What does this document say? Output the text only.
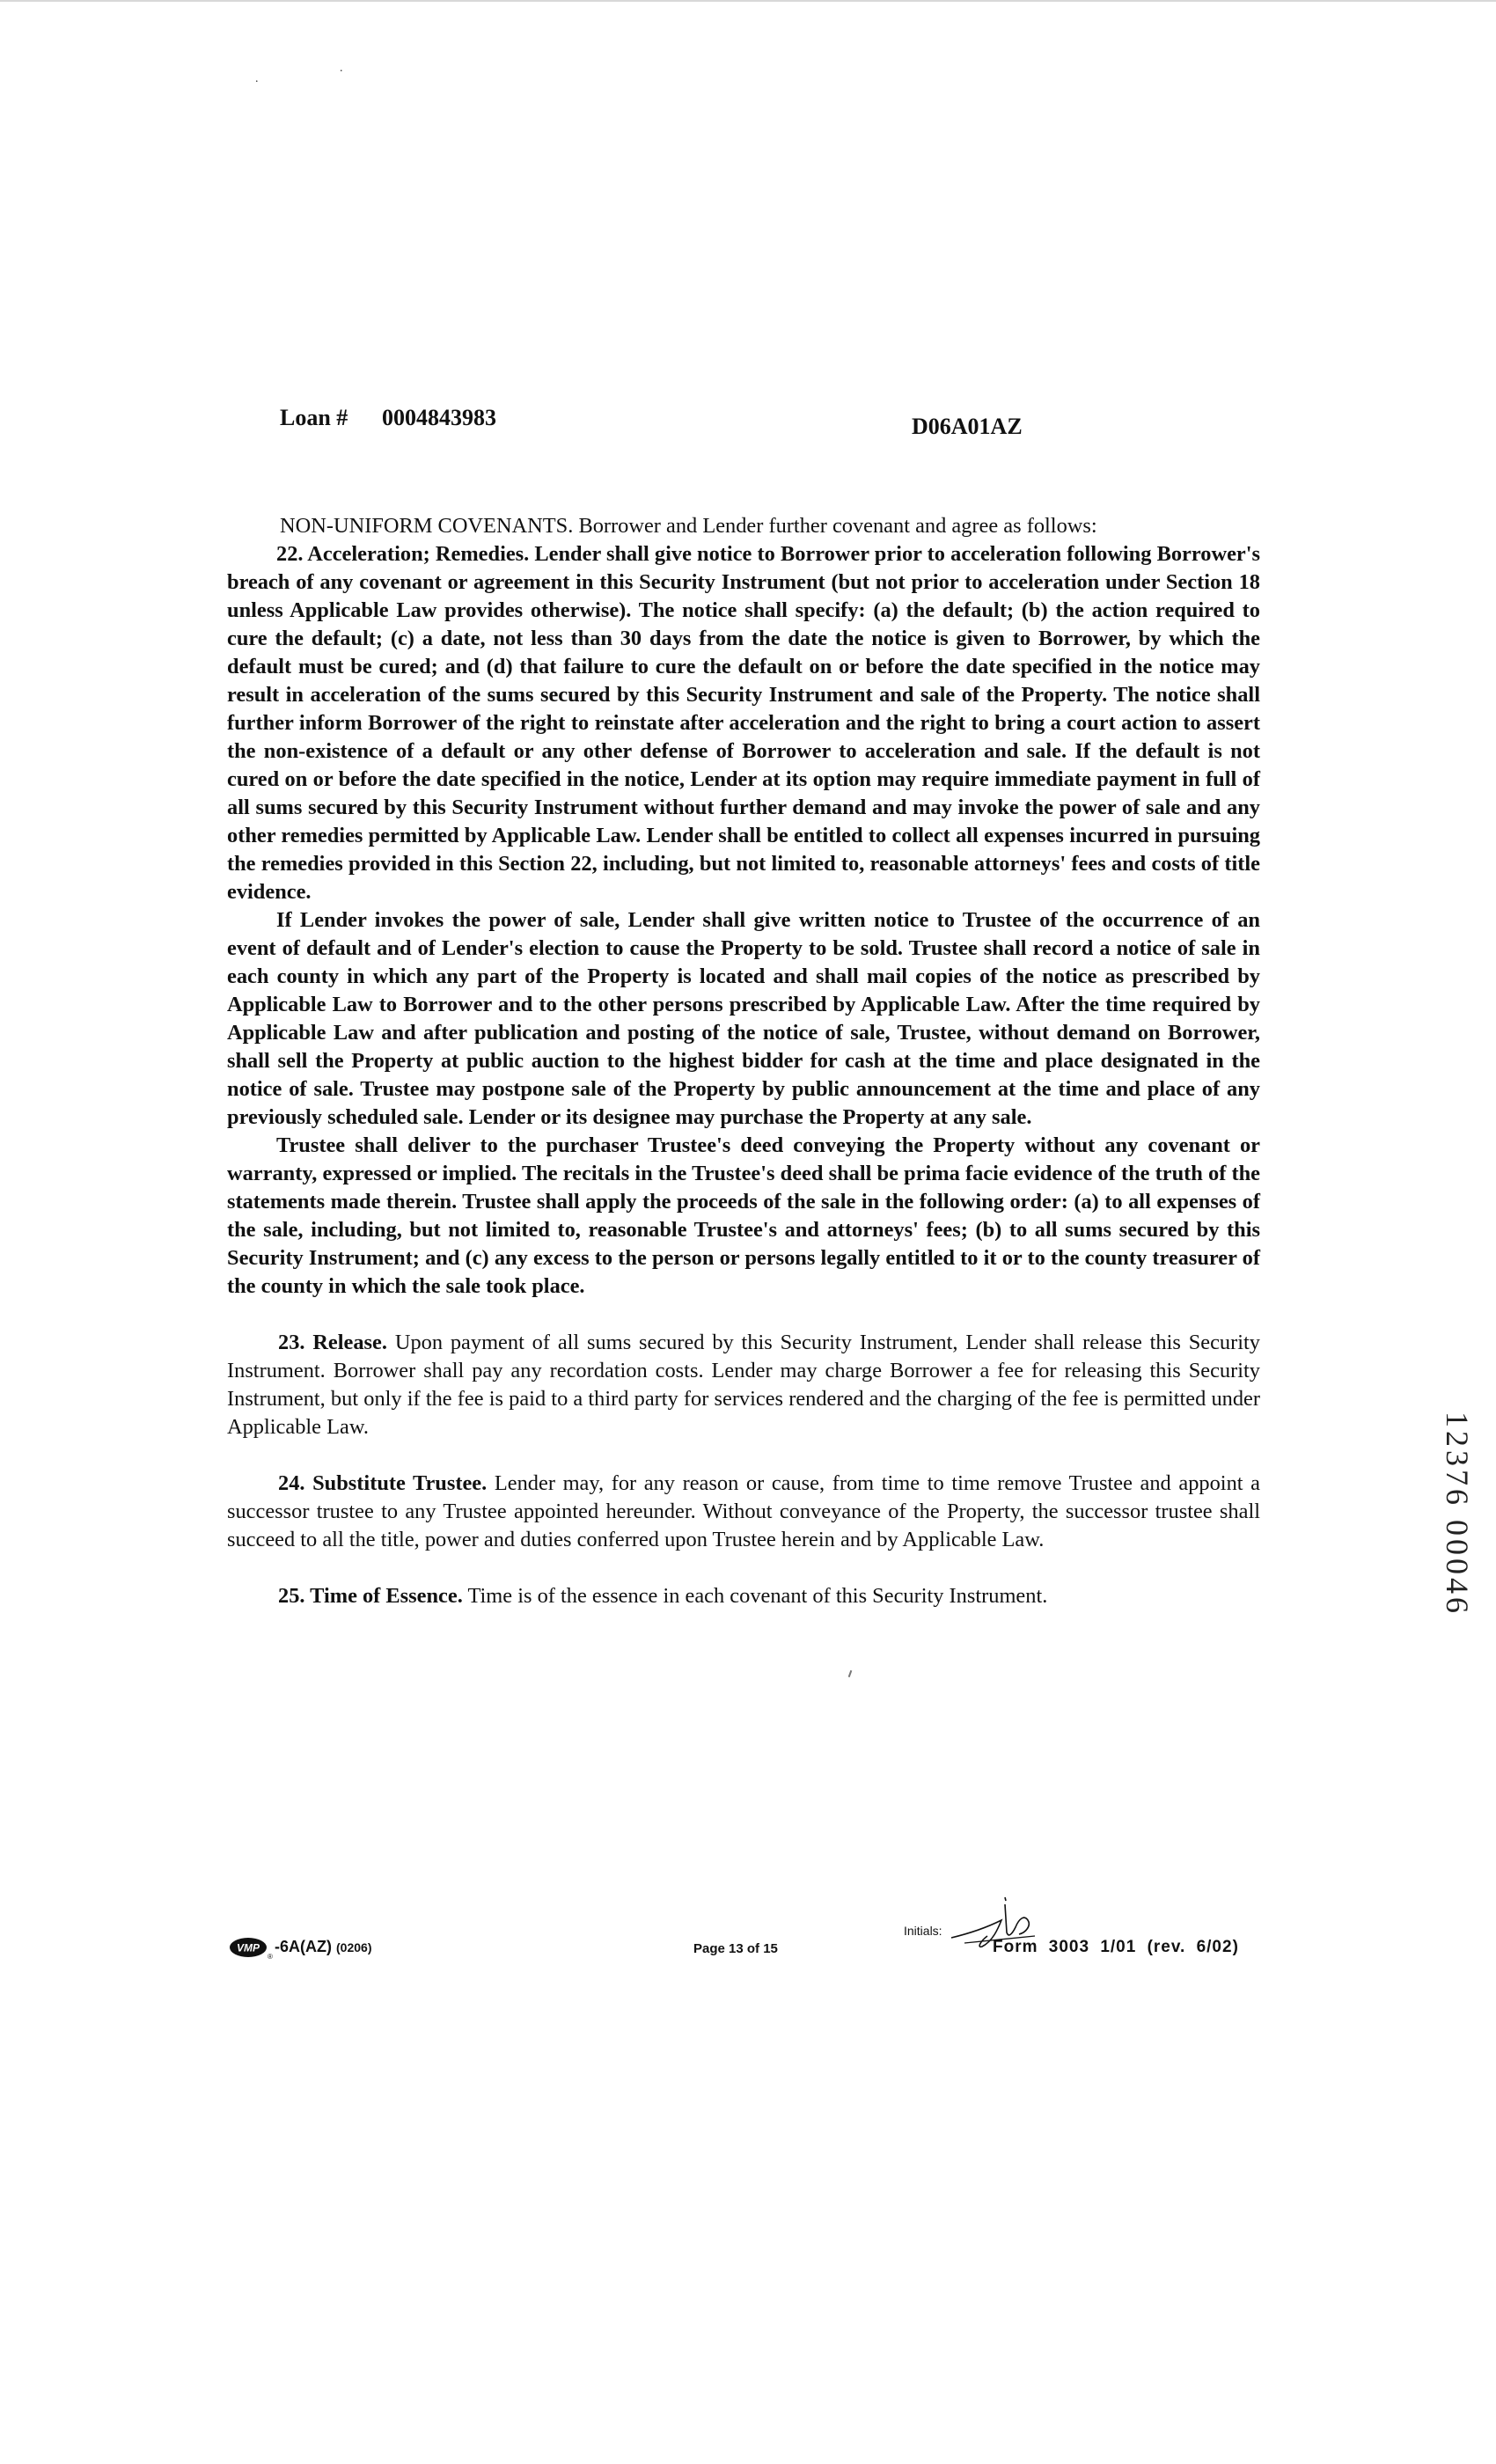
.
.
Loan # 0004843983	D06A01AZ

NON-UNIFORM COVENANTS. Borrower and Lender further covenant and agree as follows:

22. Acceleration; Remedies. Lender shall give notice to Borrower prior to acceleration following Borrower's breach of any covenant or agreement in this Security Instrument (but not prior to acceleration under Section 18 unless Applicable Law provides otherwise). The notice shall specify: (a) the default; (b) the action required to cure the default; (c) a date, not less than 30 days from the date the notice is given to Borrower, by which the default must be cured; and (d) that failure to cure the default on or before the date specified in the notice may result in acceleration of the sums secured by this Security Instrument and sale of the Property. The notice shall further inform Borrower of the right to reinstate after acceleration and the right to bring a court action to assert the non-existence of a default or any other defense of Borrower to acceleration and sale. If the default is not cured on or before the date specified in the notice, Lender at its option may require immediate payment in full of all sums secured by this Security Instrument without further demand and may invoke the power of sale and any other remedies permitted by Applicable Law. Lender shall be entitled to collect all expenses incurred in pursuing the remedies provided in this Section 22, including, but not limited to, reasonable attorneys' fees and costs of title evidence.

If Lender invokes the power of sale, Lender shall give written notice to Trustee of the occurrence of an event of default and of Lender's election to cause the Property to be sold. Trustee shall record a notice of sale in each county in which any part of the Property is located and shall mail copies of the notice as prescribed by Applicable Law to Borrower and to the other persons prescribed by Applicable Law. After the time required by Applicable Law and after publication and posting of the notice of sale, Trustee, without demand on Borrower, shall sell the Property at public auction to the highest bidder for cash at the time and place designated in the notice of sale. Trustee may postpone sale of the Property by public announcement at the time and place of any previously scheduled sale. Lender or its designee may purchase the Property at any sale.

Trustee shall deliver to the purchaser Trustee's deed conveying the Property without any covenant or warranty, expressed or implied. The recitals in the Trustee's deed shall be prima facie evidence of the truth of the statements made therein. Trustee shall apply the proceeds of the sale in the following order: (a) to all expenses of the sale, including, but not limited to, reasonable Trustee's and attorneys' fees; (b) to all sums secured by this Security Instrument; and (c) any excess to the person or persons legally entitled to it or to the county treasurer of the county in which the sale took place.

23. Release. Upon payment of all sums secured by this Security Instrument, Lender shall release this Security Instrument. Borrower shall pay any recordation costs. Lender may charge Borrower a fee for releasing this Security Instrument, but only if the fee is paid to a third party for services rendered and the charging of the fee is permitted under Applicable Law.

24. Substitute Trustee. Lender may, for any reason or cause, from time to time remove Trustee and appoint a successor trustee to any Trustee appointed hereunder. Without conveyance of the Property, the successor trustee shall succeed to all the title, power and duties conferred upon Trustee herein and by Applicable Law.

25. Time of Essence. Time is of the essence in each covenant of this Security Instrument.	12376 00046
VMP
®
-6A(AZ) (0206)	Page 13 of 15
Initials:
Form 3003 1/01 (rev. 6/02)
